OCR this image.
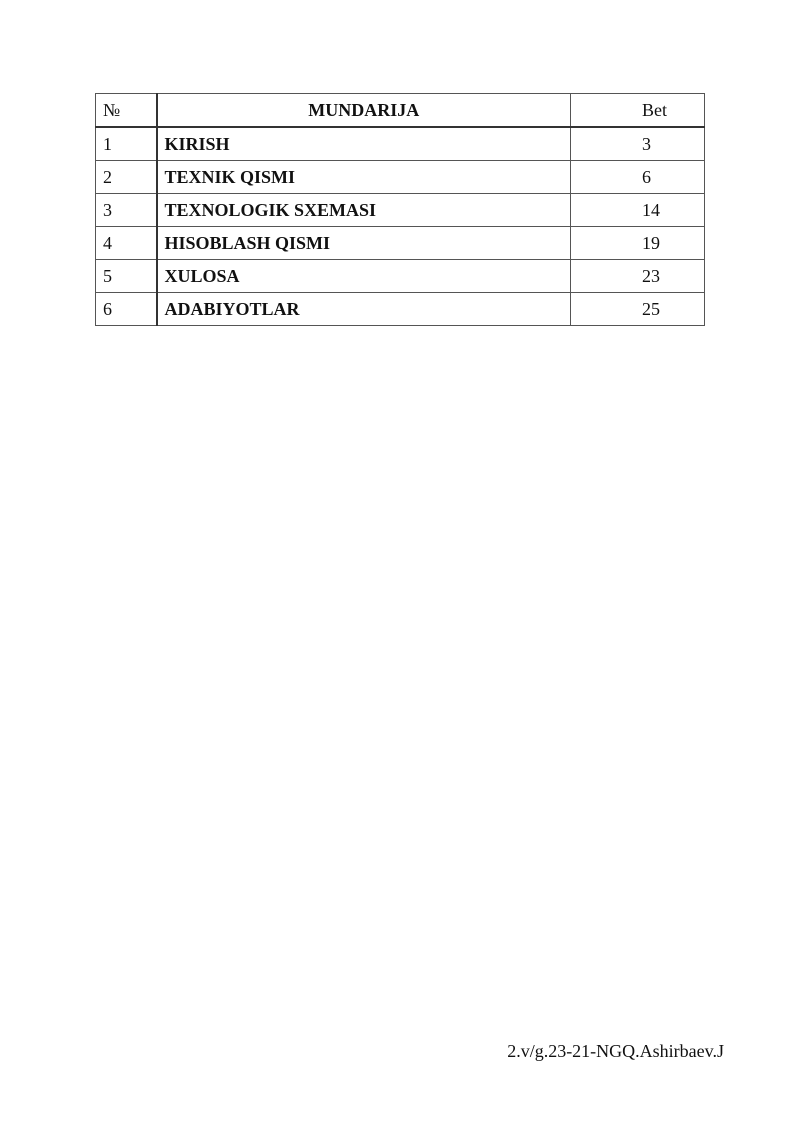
№	MUNDARIJA	Bet
1	KIRISH	3
2	TEXNIK QISMI	6
3	TEXNOLOGIK SXEMASI	14
4	HISOBLASH QISMI	19
5	XULOSA	23
6	ADABIYOTLAR	25
2.v/g.23-21-NGQ.Ashirbaev.J
